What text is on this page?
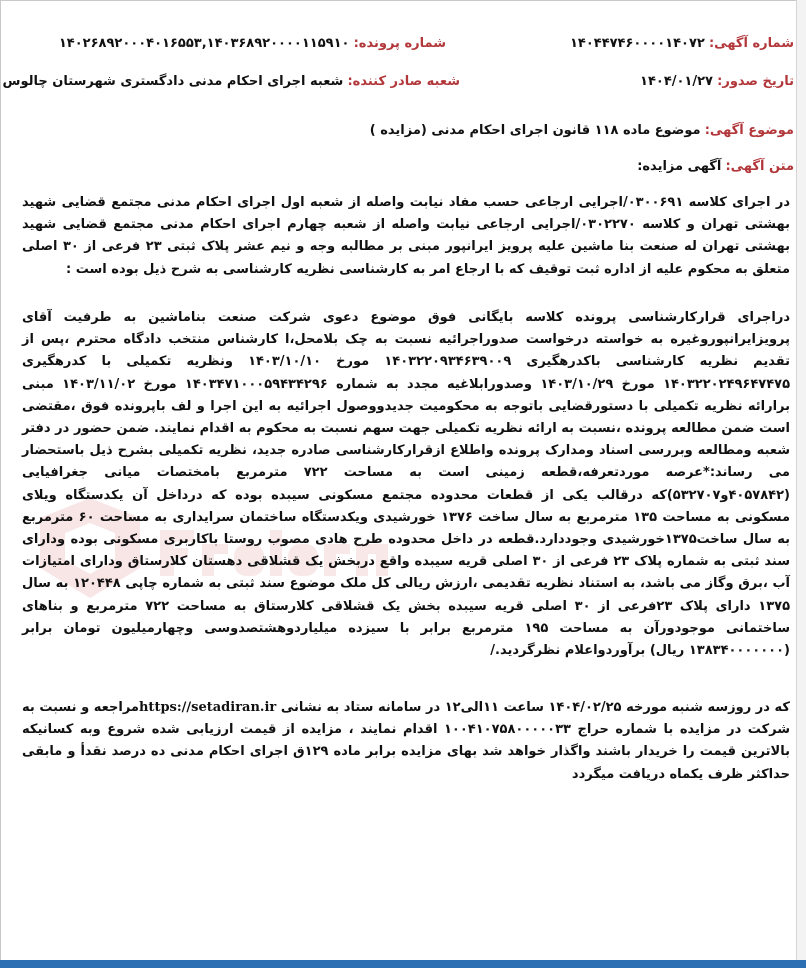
شماره آگهی: ۱۴۰۴۴۷۴۶۰۰۰۰۱۴۰۷۲
شماره پرونده: ۱۴۰۲۶۸۹۲۰۰۰۴۰۱۶۵۵۳,۱۴۰۳۶۸۹۲۰۰۰۰۱۱۵۹۱۰
تاریخ صدور: ۱۴۰۴/۰۱/۲۷
شعبه صادر کننده: شعبه اجرای احکام مدنی دادگستری شهرستان چالوس
موضوع آگهی: موضوع ماده ۱۱۸ قانون اجرای احکام مدنی (مزایده )
متن آگهی: آگهی مزایده:
در اجرای کلاسه ۰۳۰۰۶۹۱/اجرایی ارجاعی حسب مفاد نیابت واصله از شعبه اول اجرای احکام مدنی مجتمع قضایی شهید بهشتی تهران و کلاسه ۰۳۰۲۲۷۰/اجرایی ارجاعی نیابت واصله از شعبه چهارم اجرای احکام مدنی مجتمع قضایی شهید بهشتی تهران له صنعت بنا ماشین علیه پرویز ایرانپور مبنی بر مطالبه وجه و نیم عشر پلاک ثبتی ۲۳ فرعی از ۳۰ اصلی متعلق به محکوم علیه از اداره ثبت توقیف که با ارجاع امر به کارشناسی نظریه کارشناسی به شرح ذیل بوده است :
دراجرای قرارکارشناسی پرونده کلاسه بایگانی فوق موضوع دعوی شرکت صنعت بناماشین به طرفیت آقای پرویزایرانپوروغیره به خواسته درخواست صدوراجرائیه نسبت به چک بلامحل،ا کارشناس منتخب دادگاه محترم ،پس از تقدیم نظریه کارشناسی باکدرهگیری ۱۴۰۳۲۲۰۹۳۴۶۳۹۰۰۹ مورخ ۱۴۰۳/۱۰/۱۰ ونظریه تکمیلی با کدرهگیری ۱۴۰۳۲۲۰۲۴۹۶۴۷۴۷۵ مورخ ۱۴۰۳/۱۰/۲۹ وصدورابلاغیه مجدد به شماره ۱۴۰۳۴۷۱۰۰۰۵۹۴۳۴۲۹۶ مورخ ۱۴۰۳/۱۱/۰۲ مبنی برارائه نظریه تکمیلی با دستورقضایی باتوجه به محکومیت جدیدووصول اجرائیه به این اجرا و لف باپرونده فوق ،مقتضی است ضمن مطالعه پرونده ،نسبت به ارائه نظریه تکمیلی جهت سهم نسبت به محکوم به اقدام نمایند. ضمن حضور در دفتر شعبه ومطالعه وبررسی اسناد ومدارک پرونده واطلاع ازقرارکارشناسی صادره جدید، نظریه تکمیلی بشرح ذیل باستحضار می رساند:*عرصه موردتعرفه،قطعه زمینی است به مساحت ۷۲۲ مترمربع بامختصات میانی جغرافیایی (۴۰۵۷۸۴۲و۵۳۲۷۰۷)که درقالب یکی از قطعات محدوده مجتمع مسکونی سیبده بوده که درداخل آن یکدستگاه ویلای مسکونی به مساحت ۱۳۵ مترمربع به سال ساخت ۱۳۷۶ خورشیدی ویکدستگاه ساختمان سرایداری به مساحت ۶۰ مترمربع به سال ساخت۱۳۷۵خورشیدی وجوددارد.قطعه در داخل محدوده طرح هادی مصوب روستا باکاربری مسکونی بوده ودارای سند ثبتی به شماره پلاک ۲۳ فرعی از ۳۰ اصلی قریه سیبده واقع دربخش یک قشلاقی دهستان کلارستاق ودارای امتیازات آب ،برق وگاز می باشد، به استناد نظریه تقدیمی ،ارزش ریالی کل ملک موضوع سند ثبتی به شماره چاپی ۱۲۰۴۴۸ به سال ۱۳۷۵ دارای پلاک ۲۳فرعی از ۳۰ اصلی قریه سیبده بخش یک قشلاقی کلارستاق به مساحت ۷۲۲ مترمربع و بناهای ساختمانی موجودورآن به مساحت ۱۹۵ مترمربع برابر با سیزده میلیاردوهشتصدوسی وچهارمیلیون تومان برابر (۱۳۸۳۴۰۰۰۰۰۰۰ ریال) برآوردواعلام نظرگردید./
که در روزسه شنبه مورخه ۱۴۰۴/۰۲/۲۵ ساعت ۱۱الی۱۲ در سامانه ستاد به نشانی https://setadiran.irمراجعه و نسبت به شرکت در مزایده با شماره حراج ۱۰۰۴۱۰۷۵۸۰۰۰۰۰۳۳ اقدام نمایند ، مزایده از قیمت ارزیابی شده شروع وبه کسانیکه بالاترین قیمت را خریدار باشند واگذار خواهد شد بهای مزایده برابر ماده ۱۲۹ق اجرای احکام مدنی ده درصد نقدأ و مابقی حداکثر ظرف یکماه دریافت میگردد
